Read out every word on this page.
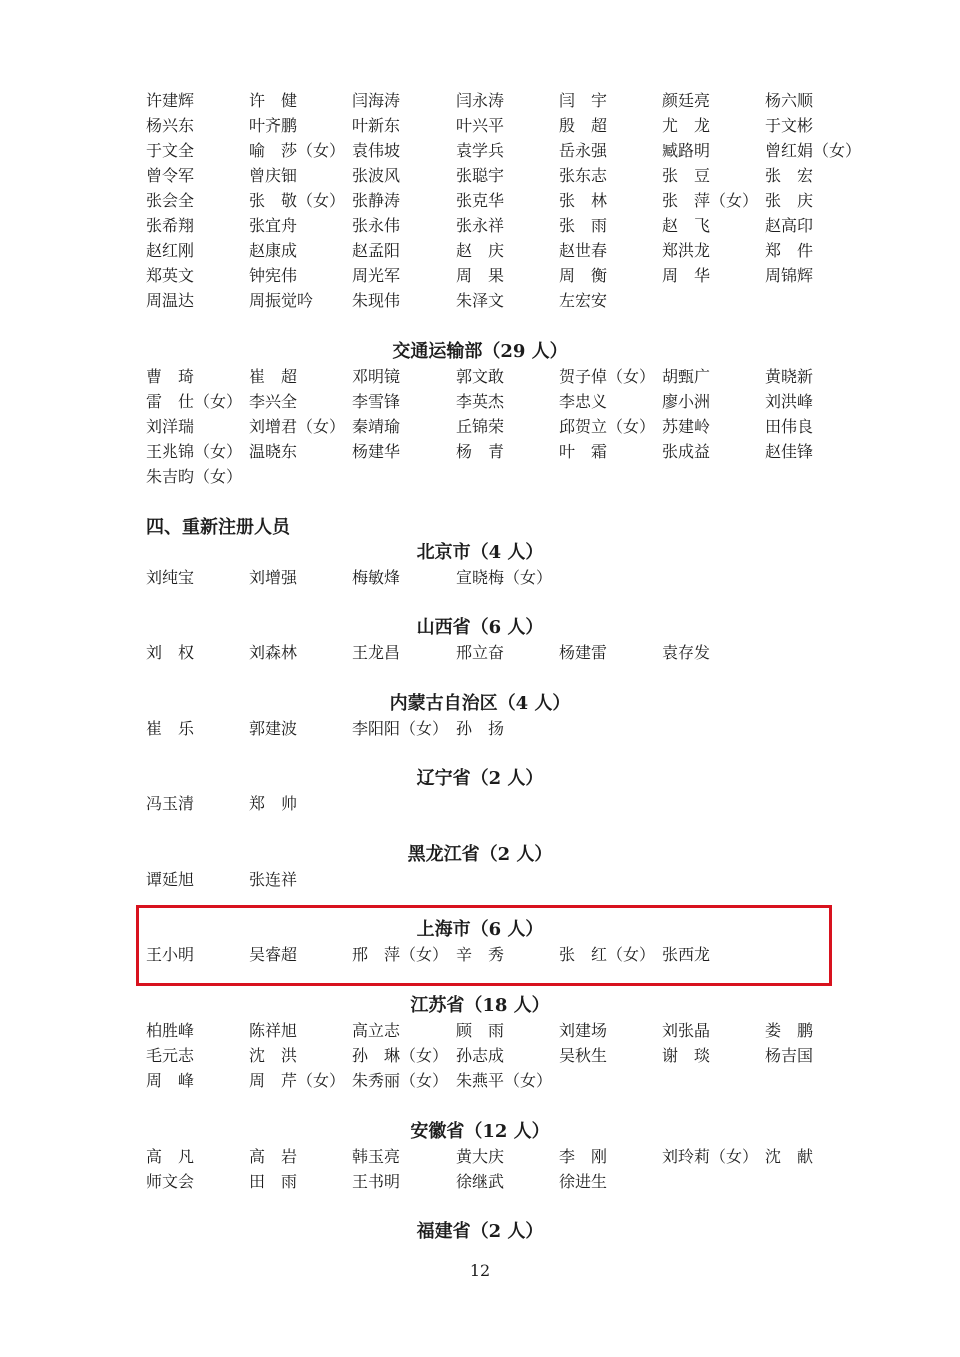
12
许建辉	许　健	闫海涛	闫永涛	闫　宇	颜廷亮	杨六顺
杨兴东	叶齐鹏	叶新东	叶兴平	殷　超	尤　龙	于文彬
于文全	喻　莎（女） 袁伟坡	袁学兵	岳永强	臧路明	曾红娟（女）
曾令军	曾庆钿	张波风	张聪宇	张东志	张　豆	张　宏
张会全	张　敬（女） 张静涛	张克华	张　林	张　萍（女） 张　庆
张希翔	张宜舟	张永伟	张永祥	张　雨	赵　飞	赵高印
赵红刚	赵康成	赵孟阳	赵　庆	赵世春	郑洪龙	郑　件
郑英文	钟宪伟	周光军	周　果	周　衡	周　华	周锦辉
周温达	周振觉吟 朱现伟	朱泽文	左宏安
交通运输部（29 人）
曹　琦	崔　超	邓明镜	郭文敢	贺子倬（女） 胡甄广	黄晓新
雷　仕（女） 李兴全	李雪锋	李英杰	李忠义	廖小洲	刘洪峰
刘洋瑞	刘增君（女） 秦靖瑜	丘锦荣	邱贺立（女） 苏建岭	田伟良
王兆锦（女） 温晓东	杨建华	杨　青	叶　霜	张成益	赵佳锋
朱吉昀（女）
四、重新注册人员
北京市（4 人）
刘纯宝	刘增强	梅敏烽	宣晓梅（女）
山西省（6 人）
刘　权	刘森林	王龙昌	邢立奋	杨建雷	袁存发
内蒙古自治区（4 人）
崔　乐	郭建波	李阳阳（女） 孙　扬
辽宁省（2 人）
冯玉清	郑　帅
黑龙江省（2 人）
谭延旭	张连祥
上海市（6 人）
王小明	吴睿超	邢　萍（女） 辛　秀	张　红（女） 张西龙
江苏省（18 人）
柏胜峰	陈祥旭	高立志	顾　雨	刘建场	刘张晶	娄　鹏
毛元志	沈　洪	孙　琳（女） 孙志成	吴秋生	谢　琰	杨吉国
周　峰	周　芹（女） 朱秀丽（女） 朱燕平（女）
安徽省（12 人）
高　凡	高　岩	韩玉亮	黄大庆	李　刚	刘玲莉（女） 沈　献
师文会	田　雨	王书明	徐继武	徐进生
福建省（2 人）
